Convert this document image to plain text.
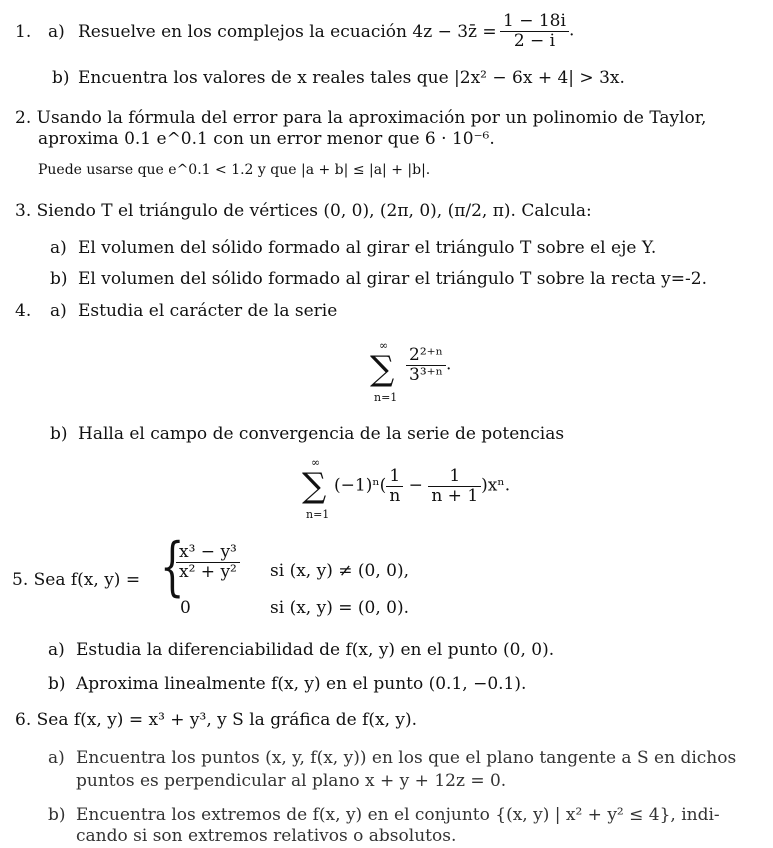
1. a) Resuelve en los complejos la ecuación 4z − 3z̄ = $\frac{1 - 18i}{2 - i}$ .
b) Encuentra los valores de x reales tales que |2x² − 6x + 4| > 3x.
2. Usando la fórmula del error para la aproximación por un polinomio de Taylor,
aproxima 0.1 e^0.1 con un error menor que 6 · 10⁻⁶.
Puede usarse que e^0.1 < 1.2 y que |a + b| ≤ |a| + |b|.
3. Siendo T el triángulo de vértices (0, 0), (2π, 0), (π/2, π). Calcula:
a) El volumen del sólido formado al girar el triángulo T sobre el eje Y.
b) El volumen del sólido formado al girar el triángulo T sobre la recta y=-2.
4. a) Estudia el carácter de la serie
∞
∑
n=1
$\frac{\text{2²⁺ⁿ}}{\text{3³⁺ⁿ}}$ .
b) Halla el campo de convergencia de la serie de potencias
∞
∑
n=1
$(-1)^n( \frac{1}{n} - \frac{1}{n + 1} )x^n$.
5. Sea f(x, y) = {
$\frac{\text{x³ − y³}}{\text{x² + y²}}$ si (x, y) ≠ (0, 0),
0	si (x, y) = (0, 0).
a) Estudia la diferenciabilidad de f(x, y) en el punto (0, 0).
b) Aproxima linealmente f(x, y) en el punto (0.1, −0.1).
6. Sea f(x, y) = x³ + y³, y S la gráfica de f(x, y).
a) Encuentra los puntos (x, y, f(x, y)) en los que el plano tangente a S en dichos
puntos es perpendicular al plano x + y + 12z = 0.
b) Encuentra los extremos de f(x, y) en el conjunto {(x, y) | x² + y² ≤ 4}, indi-
cando si son extremos relativos o absolutos.
